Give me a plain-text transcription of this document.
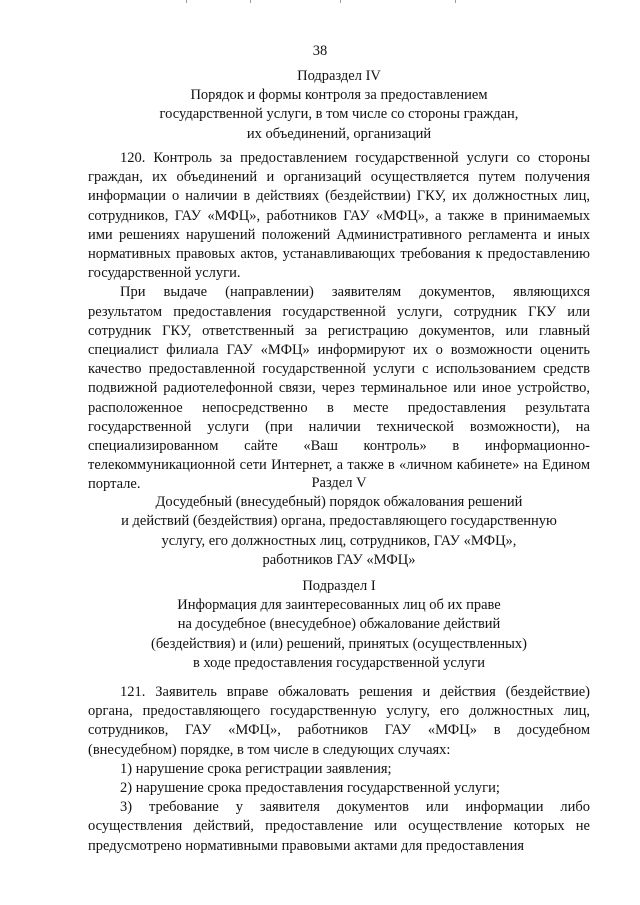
38

Подраздел IV

Порядок и формы контроля за предоставлением

государственной услуги, в том числе со стороны граждан,

их объединений, организаций

120. Контроль за предоставлением государственной услуги со стороны граждан, их объединений и организаций осуществляется путем получения информации о наличии в действиях (бездействии) ГКУ, их должностных лиц, сотрудников, ГАУ «МФЦ», работников ГАУ «МФЦ», а также в принимаемых ими решениях нарушений положений Административного регламента и иных нормативных правовых актов, устанавливающих требования к предоставлению государственной услуги.

При выдаче (направлении) заявителям документов, являющихся результатом предоставления государственной услуги, сотрудник ГКУ или сотрудник ГКУ, ответственный за регистрацию документов, или главный специалист филиала ГАУ «МФЦ» информируют их о возможности оценить качество предоставленной государственной услуги с использованием средств подвижной радиотелефонной связи, через терминальное или иное устройство, расположенное непосредственно в месте предоставления результата государственной услуги (при наличии технической возможности), на специализированном сайте «Ваш контроль» в информационно-телекоммуникационной сети Интернет, а также в «личном кабинете» на Едином портале.	Раздел V

Досудебный (внесудебный) порядок обжалования решений

и действий (бездействия) органа, предоставляющего государственную

услугу, его должностных лиц, сотрудников, ГАУ «МФЦ»,

работников ГАУ «МФЦ»

Подраздел I

Информация для заинтересованных лиц об их праве

на досудебное (внесудебное) обжалование действий

(бездействия) и (или) решений, принятых (осуществленных)

в ходе предоставления государственной услуги

121. Заявитель вправе обжаловать решения и действия (бездействие) органа, предоставляющего государственную услугу, его должностных лиц, сотрудников, ГАУ «МФЦ», работников ГАУ «МФЦ» в досудебном (внесудебном) порядке, в том числе в следующих случаях:

1) нарушение срока регистрации заявления;

2) нарушение срока предоставления государственной услуги;

3) требование у заявителя документов или информации либо осуществления действий, предоставление или осуществление которых не предусмотрено нормативными правовыми актами для предоставления
